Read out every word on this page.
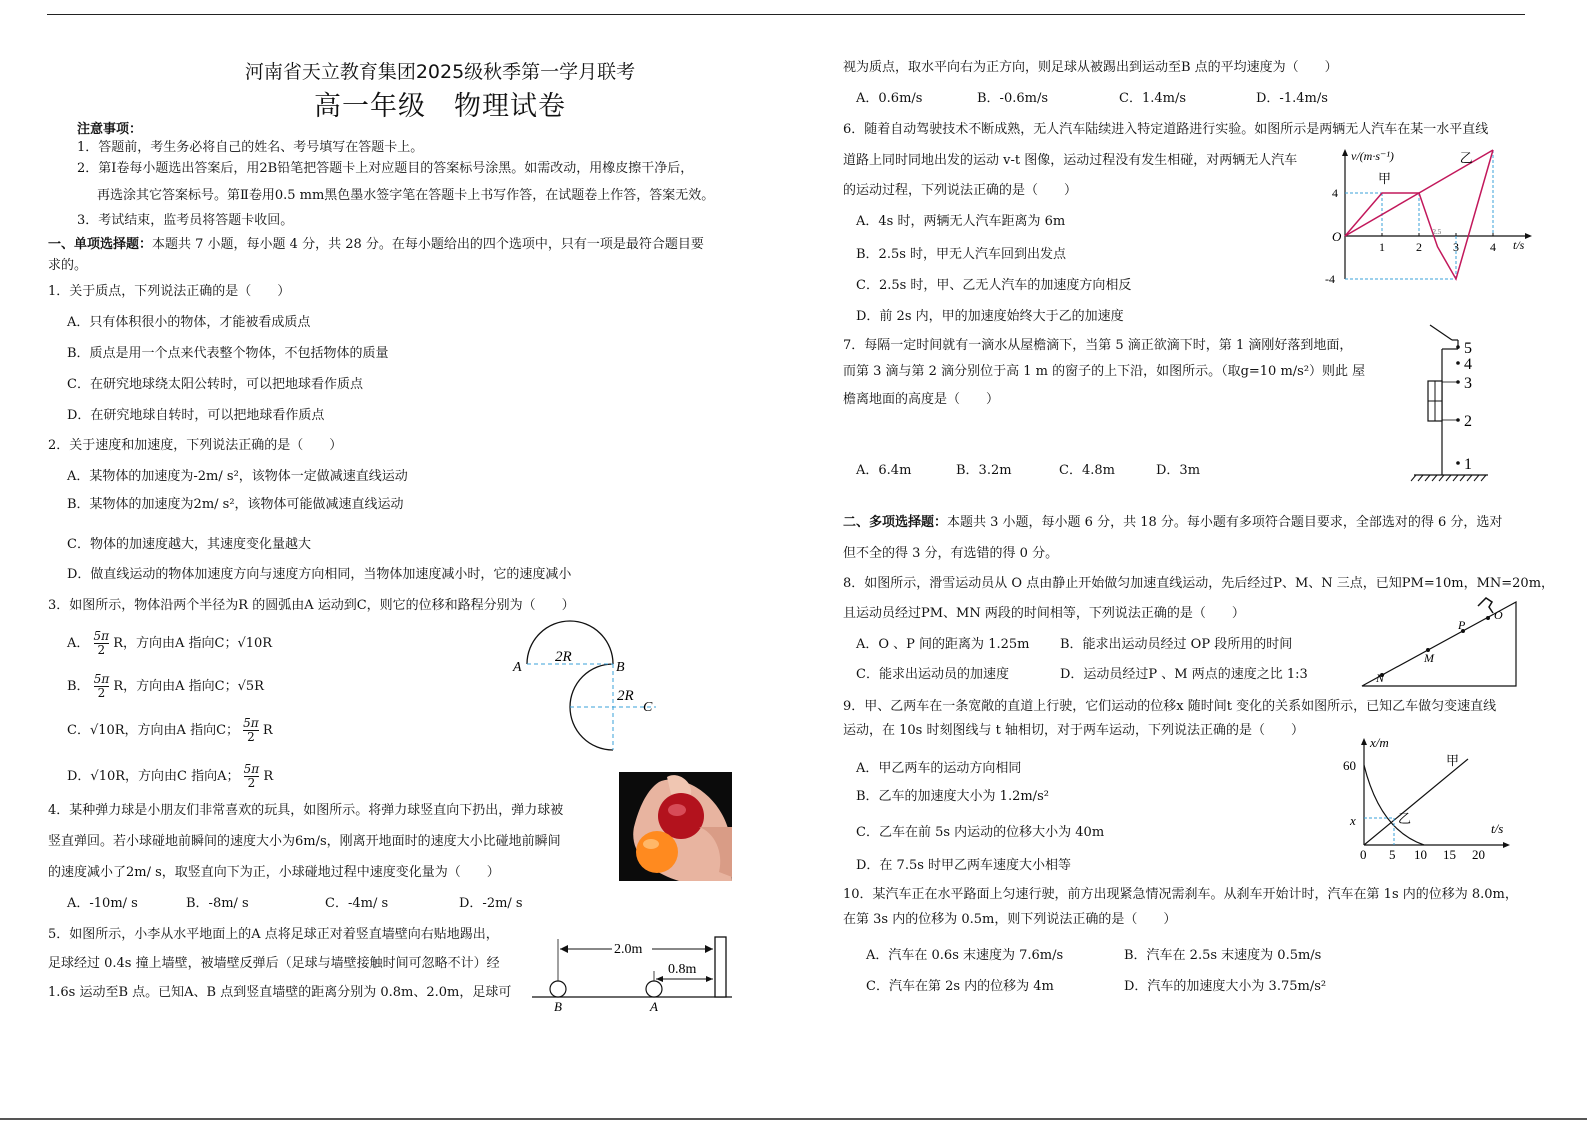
河南省天立教育集团2025级秋季第一学月联考
高一年级　物理试卷
注意事项：
1．答题前，考生务必将自己的姓名、考号填写在答题卡上。
2．第Ⅰ卷每小题选出答案后，用2B铅笔把答题卡上对应题目的答案标号涂黑。如需改动，用橡皮擦干净后，
再选涂其它答案标号。第Ⅱ卷用0.5 mm黑色墨水签字笔在答题卡上书写作答，在试题卷上作答，答案无效。
3．考试结束，监考员将答题卡收回。
一、单项选择题：本题共 7 小题，每小题 4 分，共 28 分。在每小题给出的四个选项中，只有一项是最符合题目要
求的。
1．关于质点，下列说法正确的是（　　）
A．只有体积很小的物体，才能被看成质点
B．质点是用一个点来代表整个物体，不包括物体的质量
C．在研究地球绕太阳公转时，可以把地球看作质点
D．在研究地球自转时，可以把地球看作质点
2．关于速度和加速度，下列说法正确的是（　　）
A．某物体的加速度为-2m/ s²，该物体一定做减速直线运动
B．某物体的加速度为2m/ s²，该物体可能做减速直线运动
C．物体的加速度越大，其速度变化量越大
D．做直线运动的物体加速度方向与速度方向相同，当物体加速度减小时，它的速度减小
3．如图所示，物体沿两个半径为R 的圆弧由A 运动到C，则它的位移和路程分别为（　　）
A． $\frac{5\pi}{2}$ R，方向由A 指向C；√10R
B． $\frac{5\pi}{2}$ R，方向由A 指向C；√5R
C．√10R，方向由A 指向C； $\frac{5\pi}{2}$ R
D．√10R，方向由C 指向A； $\frac{5\pi}{2}$ R
2R
2R
A	B
C
4．某种弹力球是小朋友们非常喜欢的玩具，如图所示。将弹力球竖直向下扔出，弹力球被
竖直弹回。若小球碰地前瞬间的速度大小为6m/s，刚离开地面时的速度大小比碰地前瞬间
的速度减小了2m/ s，取竖直向下为正，小球碰地过程中速度变化量为（　　）
A．-10m/ s	B．-8m/ s	C．-4m/ s	D．-2m/ s
5．如图所示，小李从水平地面上的A 点将足球正对着竖直墙壁向右贴地踢出，
足球经过 0.4s 撞上墙壁，被墙壁反弹后（足球与墙壁接触时间可忽略不计）经
1.6s 运动至B 点。已知A、B 点到竖直墙壁的距离分别为 0.8m、2.0m，足球可
2.0m
0.8m
B	A
视为质点，取水平向右为正方向，则足球从被踢出到运动至B 点的平均速度为（　　）
A．0.6m/s	B．-0.6m/s	C．1.4m/s	D．-1.4m/s
6．随着自动驾驶技术不断成熟，无人汽车陆续进入特定道路进行实验。如图所示是两辆无人汽车在某一水平直线
道路上同时同地出发的运动 v-t 图像，运动过程没有发生相碰，对两辆无人汽车
的运动过程，下列说法正确的是（　　）
A．4s 时，两辆无人汽车距离为 6m
B．2.5s 时，甲无人汽车回到出发点
C．2.5s 时，甲、乙无人汽车的加速度方向相反
D．前 2s 内，甲的加速度始终大于乙的加速度
v/(m·s⁻¹)
t/s
O
甲
乙
1	2	3	4
4
-4
2.5
7．每隔一定时间就有一滴水从屋檐滴下，当第 5 滴正欲滴下时，第 1 滴刚好落到地面，
而第 3 滴与第 2 滴分别位于高 1 m 的窗子的上下沿，如图所示。（取g=10 m/s²）则此 屋
檐离地面的高度是（　　）
A．6.4m	B．3.2m	C．4.8m	D．3m
5
4
3
2
1
二、多项选择题：本题共 3 小题，每小题 6 分，共 18 分。每小题有多项符合题目要求，全部选对的得 6 分，选对
但不全的得 3 分，有选错的得 0 分。
8．如图所示，滑雪运动员从 O 点由静止开始做匀加速直线运动，先后经过P、M、N 三点，已知PM=10m，MN=20m，
且运动员经过PM、MN 两段的时间相等，下列说法正确的是（　　）
A．O 、P 间的距离为 1.25m B．能求出运动员经过 OP 段所用的时间
C．能求出运动员的加速度	D．运动员经过P 、M 两点的速度之比 1:3
O
P
M
N
9．甲、乙两车在一条宽敞的直道上行驶，它们运动的位移x 随时间t 变化的关系如图所示，已知乙车做匀变速直线
运动，在 10s 时刻图线与 t 轴相切，对于两车运动，下列说法正确的是（　　）
A．甲乙两车的运动方向相同
B．乙车的加速度大小为 1.2m/s²
C．乙车在前 5s 内运动的位移大小为 40m
D．在 7.5s 时甲乙两车速度大小相等
x/m
t/s
60
x
0 5 10 15 20
甲
乙
10．某汽车正在水平路面上匀速行驶，前方出现紧急情况需刹车。从刹车开始计时，汽车在第 1s 内的位移为 8.0m，
在第 3s 内的位移为 0.5m，则下列说法正确的是（　　）
A．汽车在 0.6s 末速度为 7.6m/s	B．汽车在 2.5s 末速度为 0.5m/s
C．汽车在第 2s 内的位移为 4m	D．汽车的加速度大小为 3.75m/s²
